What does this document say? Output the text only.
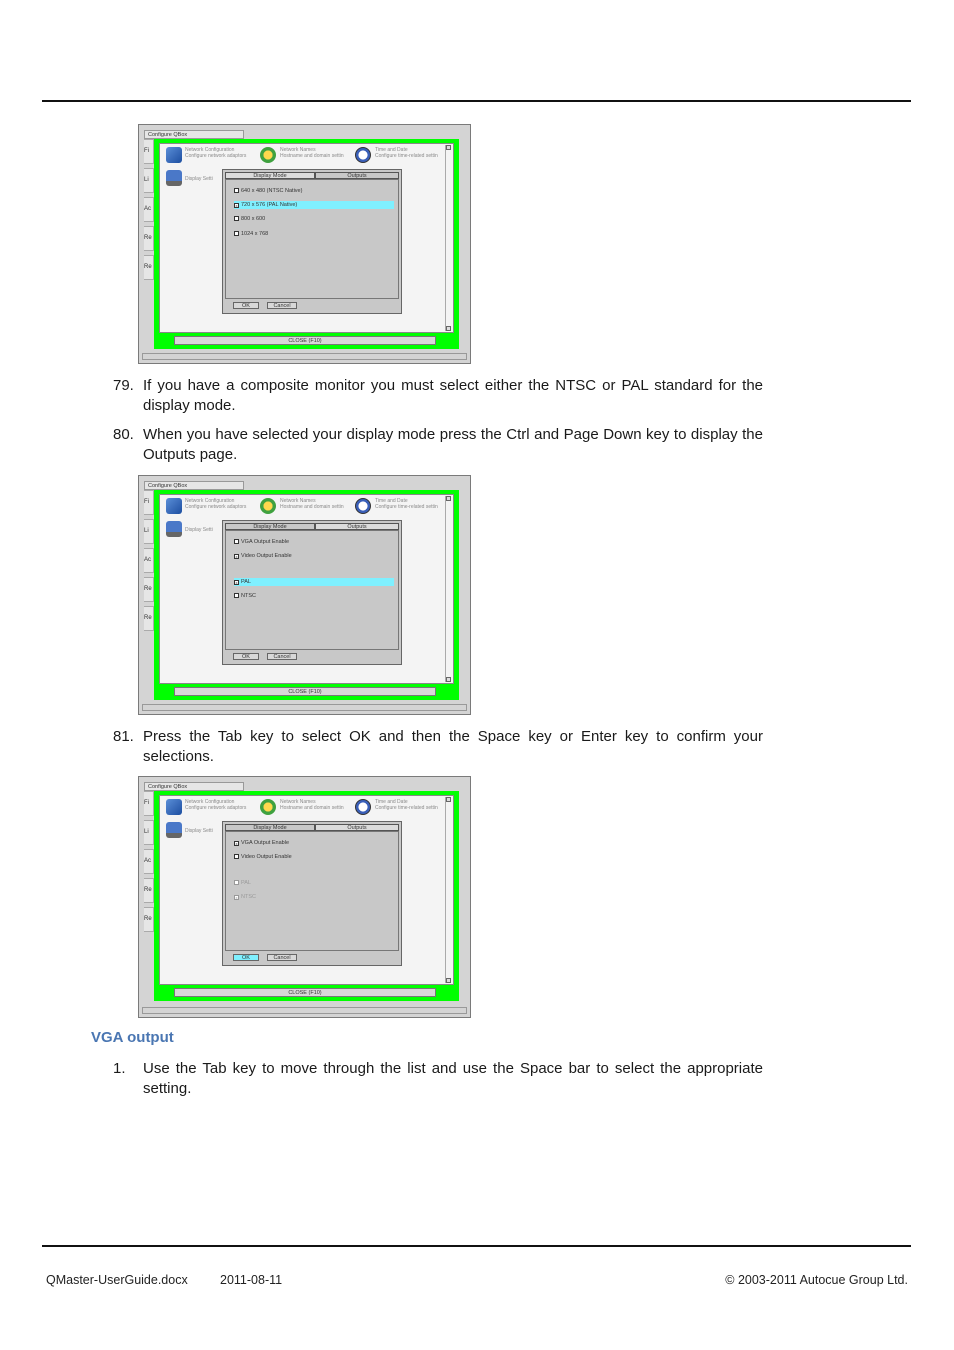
Configure QBox
Fi
Li
Ac
Re
Re
Network Configuration
Configure network adaptors
Network Names
Hostname and domain settin
Time and Date
Configure time-related settin
Display Setti	Display Mode	Outputs
640 x 480 (NTSC Native)
x 720 x 576 (PAL Native)
800 x 600
1024 x 768
OK	Cancel
CLOSE (F10)
79. If you have a composite monitor you must select either the NTSC or PAL standard for the display mode.
80. When you have selected your display mode press the Ctrl and Page Down key to display the Outputs page.
Configure QBox
Fi
Li
Ac
Re
Re
Network Configuration
Configure network adaptors
Network Names
Hostname and domain settin
Time and Date
Configure time-related settin
Display Setti	Display Mode	Outputs
VGA Output Enable
x Video Output Enable
x PAL
NTSC
OK	Cancel
CLOSE (F10)
81. Press the Tab key to select OK and then the Space key or Enter key to confirm your selections.
Configure QBox
Fi
Li
Ac
Re
Re
Network Configuration
Configure network adaptors
Network Names
Hostname and domain settin
Time and Date
Configure time-related settin
Display Setti	Display Mode	Outputs
x VGA Output Enable
Video Output Enable
PAL
x NTSC
OK	Cancel
CLOSE (F10)
VGA output
1. Use the Tab key to move through the list and use the Space bar to select the appropriate setting.
QMaster-UserGuide.docx	2011-08-11	© 2003-2011 Autocue Group Ltd.
